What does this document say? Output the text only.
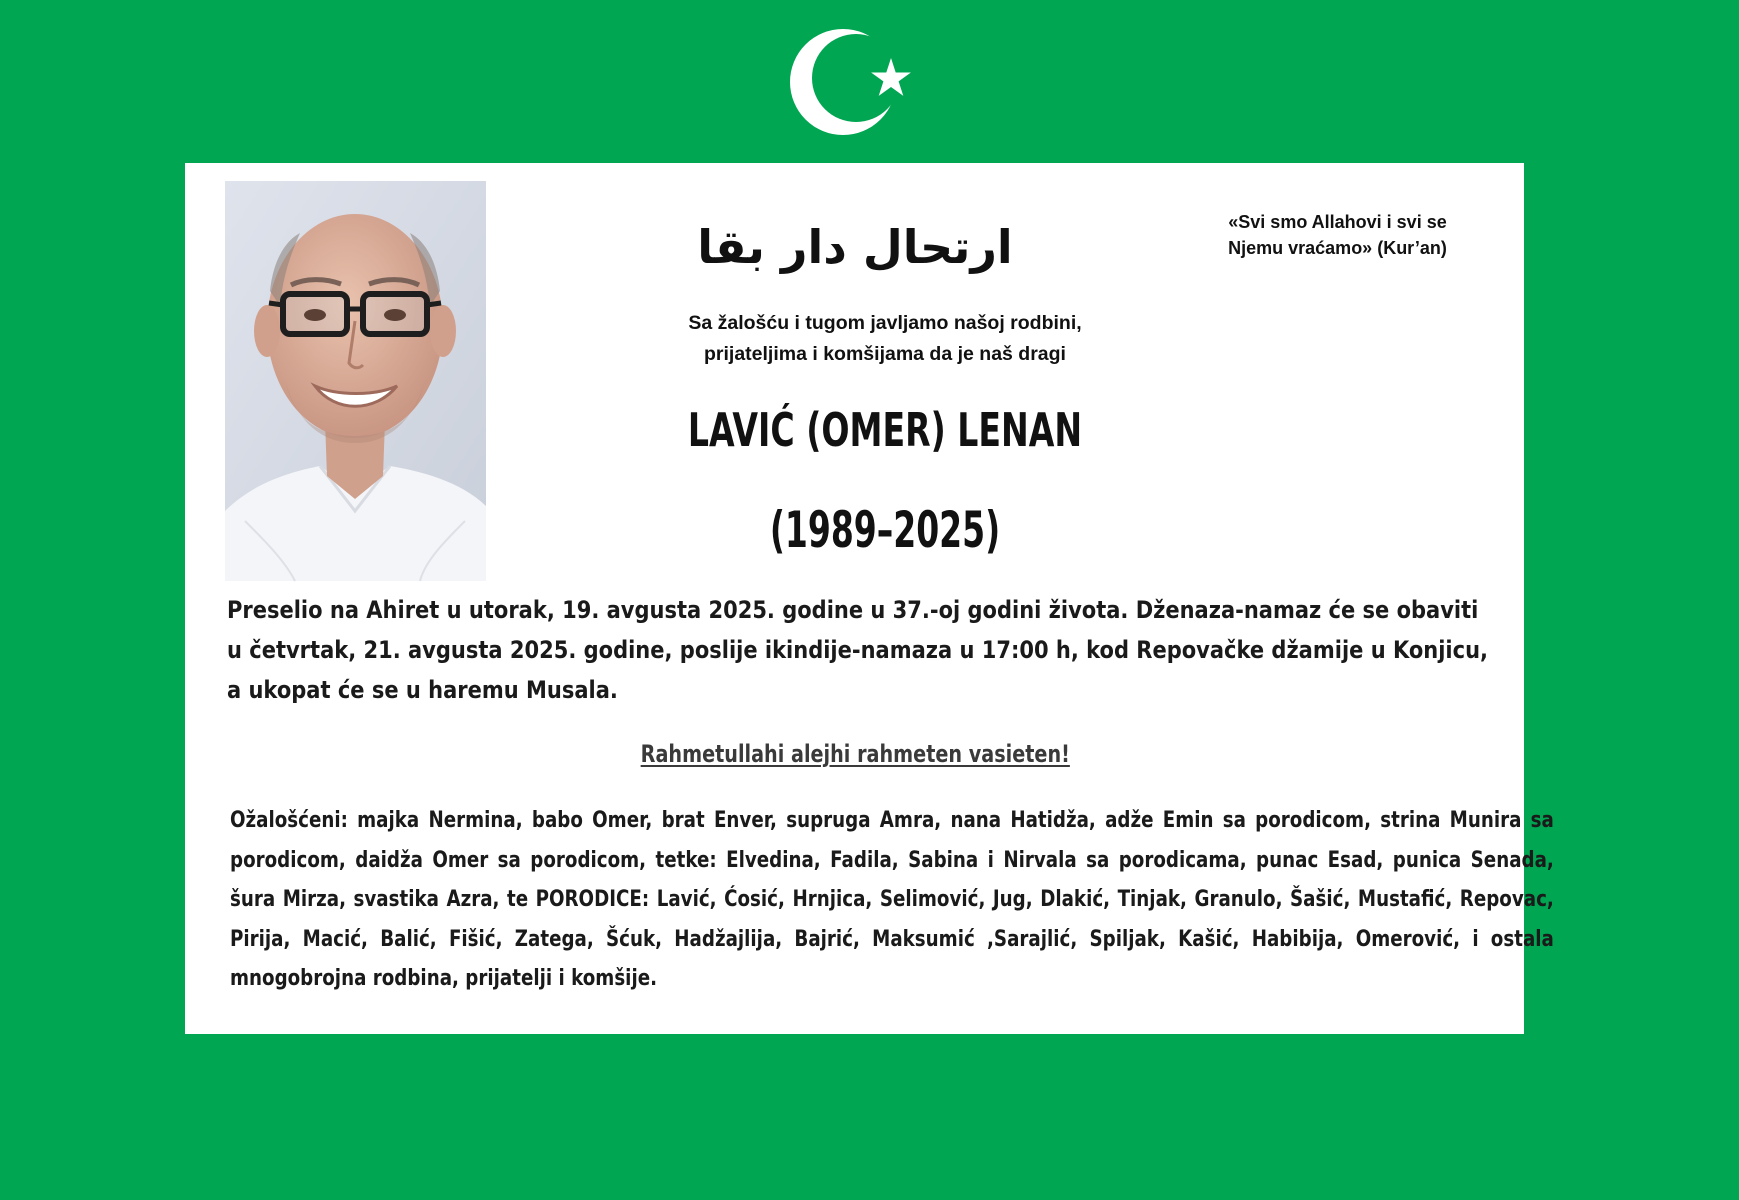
ارتحال دار بقا	«Svi smo Allahovi i svi se
Njemu vraćamo» (Kur’an)
Sa žalošću i tugom javljamo našoj rodbini,
prijateljima i komšijama da je naš dragi
LAVIĆ (OMER) LENAN
(1989–2025)
Preselio na Ahiret u utorak, 19. avgusta 2025. godine u 37.-oj godini života. Dženaza-namaz će se obaviti u četvrtak, 21. avgusta 2025. godine, poslije ikindije-namaza u 17:00 h, kod Repovačke džamije u Konjicu, a ukopat će se u haremu Musala.
Rahmetullahi alejhi rahmeten vasieten!
Ožalošćeni: majka Nermina, babo Omer, brat Enver, supruga Amra, nana Hatidža, adže Emin sa porodicom, strina Munira sa porodicom, daidža Omer sa porodicom, tetke: Elvedina, Fadila, Sabina i Nirvala sa porodicama, punac Esad, punica Senada, šura Mirza, svastika Azra, te PORODICE: Lavić, Ćosić, Hrnjica, Selimović, Jug, Dlakić, Tinjak, Granulo, Šašić, Mustafić, Repovac, Pirija, Macić, Balić, Fišić, Zatega, Šćuk, Hadžajlija, Bajrić, Maksumić ,Sarajlić, Spiljak, Kašić, Habibija, Omerović, i ostala mnogobrojna rodbina, prijatelji i komšije.
